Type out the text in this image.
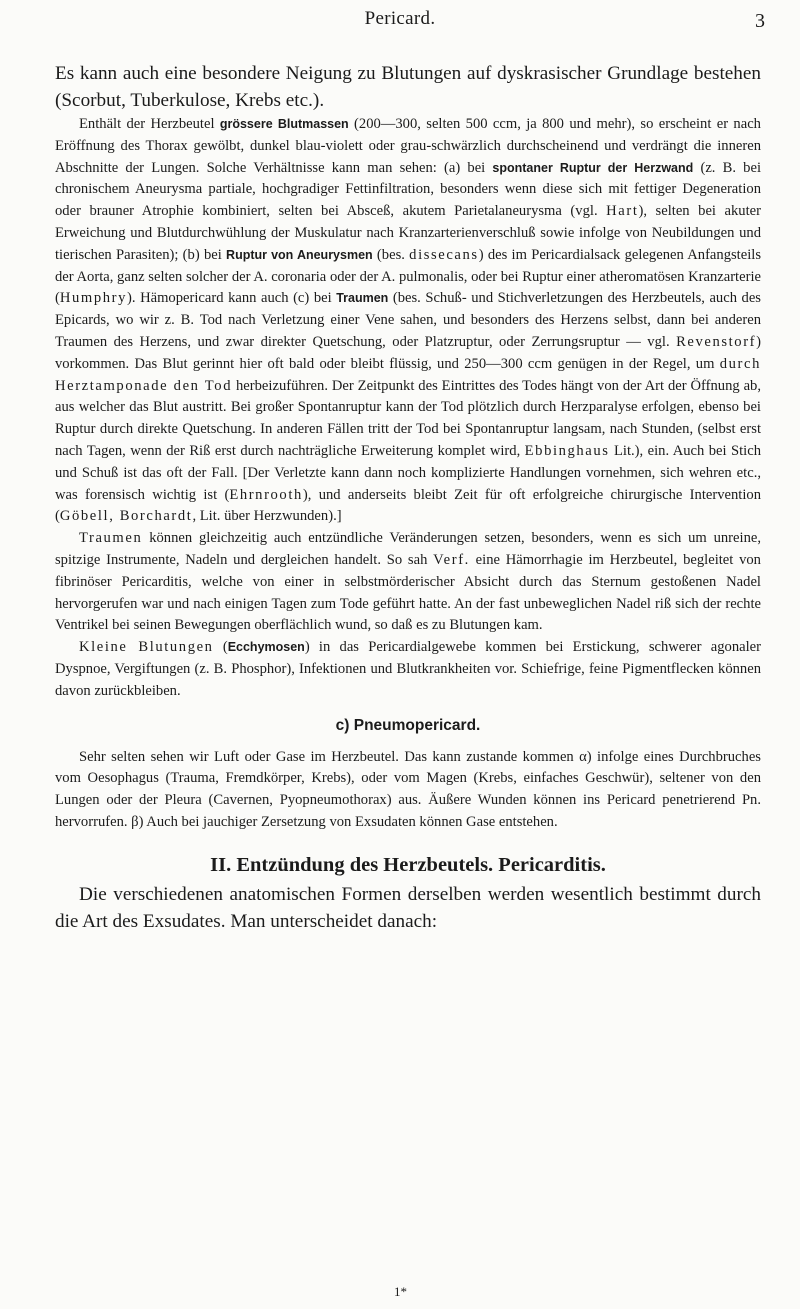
Pericard.	3

Es kann auch eine besondere Neigung zu Blutungen auf dyskrasischer Grundlage bestehen (Scorbut, Tuberkulose, Krebs etc.).

Enthält der Herzbeutel grössere Blutmassen (200—300, selten 500 ccm, ja 800 und mehr), so erscheint er nach Eröffnung des Thorax gewölbt, dunkel blau-violett oder grau-schwärzlich durchscheinend und verdrängt die inneren Abschnitte der Lungen. Solche Verhältnisse kann man sehen: (a) bei spontaner Ruptur der Herzwand (z. B. bei chronischem Aneurysma partiale, hochgradiger Fettinfiltration, besonders wenn diese sich mit fettiger Degeneration oder brauner Atrophie kombiniert, selten bei Absceß, akutem Parietalaneurysma (vgl. Hart), selten bei akuter Erweichung und Blutdurchwühlung der Muskulatur nach Kranzarterienverschluß sowie infolge von Neubildungen und tierischen Parasiten); (b) bei Ruptur von Aneurysmen (bes. dissecans) des im Pericardialsack gelegenen Anfangsteils der Aorta, ganz selten solcher der A. coronaria oder der A. pulmonalis, oder bei Ruptur einer atheromatösen Kranzarterie (Humphry). Hämopericard kann auch (c) bei Traumen (bes. Schuß- und Stichverletzungen des Herzbeutels, auch des Epicards, wo wir z. B. Tod nach Verletzung einer Vene sahen, und besonders des Herzens selbst, dann bei anderen Traumen des Herzens, und zwar direkter Quetschung, oder Platzruptur, oder Zerrungsruptur — vgl. Revenstorf) vorkommen. Das Blut gerinnt hier oft bald oder bleibt flüssig, und 250—300 ccm genügen in der Regel, um durch Herztamponade den Tod herbeizuführen. Der Zeitpunkt des Eintrittes des Todes hängt von der Art der Öffnung ab, aus welcher das Blut austritt. Bei großer Spontanruptur kann der Tod plötzlich durch Herzparalyse erfolgen, ebenso bei Ruptur durch direkte Quetschung. In anderen Fällen tritt der Tod bei Spontanruptur langsam, nach Stunden, (selbst erst nach Tagen, wenn der Riß erst durch nachträgliche Erweiterung komplet wird, Ebbinghaus Lit.), ein. Auch bei Stich und Schuß ist das oft der Fall. [Der Verletzte kann dann noch komplizierte Handlungen vornehmen, sich wehren etc., was forensisch wichtig ist (Ehrnrooth), und anderseits bleibt Zeit für oft erfolgreiche chirurgische Intervention (Göbell, Borchardt, Lit. über Herzwunden).]

Traumen können gleichzeitig auch entzündliche Veränderungen setzen, besonders, wenn es sich um unreine, spitzige Instrumente, Nadeln und dergleichen handelt. So sah Verf. eine Hämorrhagie im Herzbeutel, begleitet von fibrinöser Pericarditis, welche von einer in selbstmörderischer Absicht durch das Sternum gestoßenen Nadel hervorgerufen war und nach einigen Tagen zum Tode geführt hatte. An der fast unbeweglichen Nadel riß sich der rechte Ventrikel bei seinen Bewegungen oberflächlich wund, so daß es zu Blutungen kam.

Kleine Blutungen (Ecchymosen) in das Pericardialgewebe kommen bei Erstickung, schwerer agonaler Dyspnoe, Vergiftungen (z. B. Phosphor), Infektionen und Blutkrankheiten vor. Schiefrige, feine Pigmentflecken können davon zurückbleiben.

c) Pneumopericard.

Sehr selten sehen wir Luft oder Gase im Herzbeutel. Das kann zustande kommen α) infolge eines Durchbruches vom Oesophagus (Trauma, Fremdkörper, Krebs), oder vom Magen (Krebs, einfaches Geschwür), seltener von den Lungen oder der Pleura (Cavernen, Pyopneumothorax) aus. Äußere Wunden können ins Pericard penetrierend Pn. hervorrufen. β) Auch bei jauchiger Zersetzung von Exsudaten können Gase entstehen.

II. Entzündung des Herzbeutels. Pericarditis.

Die verschiedenen anatomischen Formen derselben werden wesentlich bestimmt durch die Art des Exsudates. Man unterscheidet danach:

1*
